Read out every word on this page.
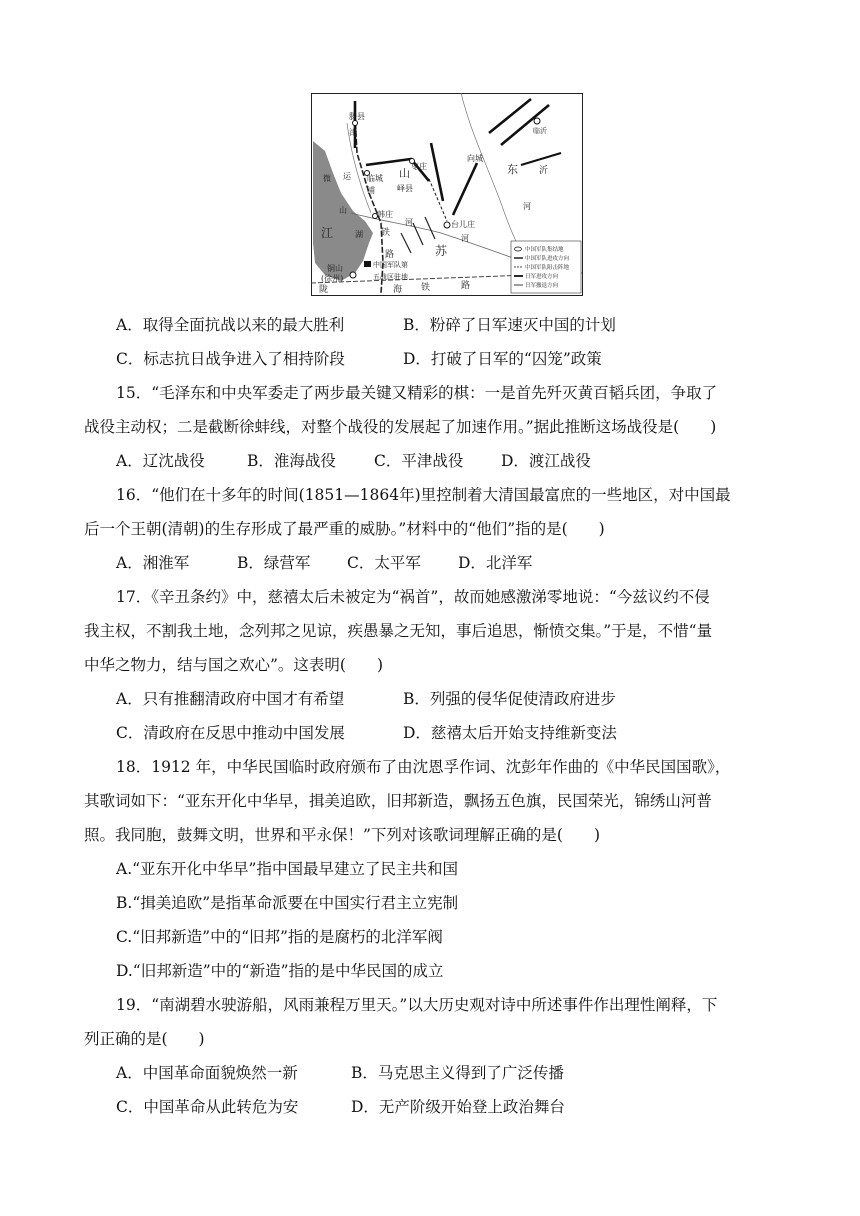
滕县
津	临沂
枣庄
向城
东 沂
运 临城
浦
山
峄县
微
山	河
韩庄
河	台儿庄
河
江	湖 铁
苏
路
铜山
(徐州)
中国军队第
五战区驻地
陇	海 铁	路
中国军队集结地
中国军队进攻方向
中国军队阻击阵地
日军进攻方向
日军撤退方向
A．取得全面抗战以来的最大胜利	B．粉碎了日军速灭中国的计划
C．标志抗日战争进入了相持阶段	D．打破了日军的“囚笼”政策
15．“毛泽东和中央军委走了两步最关键又精彩的棋：一是首先歼灭黄百韬兵团，争取了
战役主动权；二是截断徐蚌线，对整个战役的发展起了加速作用。”据此推断这场战役是(　　)
A．辽沈战役	B．淮海战役 C．平津战役 D．渡江战役
16．“他们在十多年的时间(1851—1864年)里控制着大清国最富庶的一些地区，对中国最
后一个王朝(清朝)的生存形成了最严重的威胁。”材料中的“他们”指的是(　　)
A．湘淮军	B．绿营军 C．太平军 D．北洋军
17．《辛丑条约》中，慈禧太后未被定为“祸首”，故而她感激涕零地说：“今兹议约不侵
我主权，不割我土地，念列邦之见谅，疾愚暴之无知，事后追思，惭愤交集。”于是，不惜“量
中华之物力，结与国之欢心”。这表明(　　)
A．只有推翻清政府中国才有希望	B．列强的侵华促使清政府进步
C．清政府在反思中推动中国发展	D．慈禧太后开始支持维新变法
18．1912 年，中华民国临时政府颁布了由沈恩孚作词、沈彭年作曲的《中华民国国歌》，
其歌词如下：“亚东开化中华早，揖美追欧，旧邦新造，飘扬五色旗，民国荣光，锦绣山河普
照。我同胞，鼓舞文明，世界和平永保！”下列对该歌词理解正确的是(　　)
A.“亚东开化中华早”指中国最早建立了民主共和国
B.“揖美追欧”是指革命派要在中国实行君主立宪制
C.“旧邦新造”中的“旧邦”指的是腐朽的北洋军阀
D.“旧邦新造”中的“新造”指的是中华民国的成立
19．“南湖碧水驶游船，风雨兼程万里天。”以大历史观对诗中所述事件作出理性阐释，下
列正确的是(　　)
A．中国革命面貌焕然一新	B．马克思主义得到了广泛传播
C．中国革命从此转危为安	D．无产阶级开始登上政治舞台
